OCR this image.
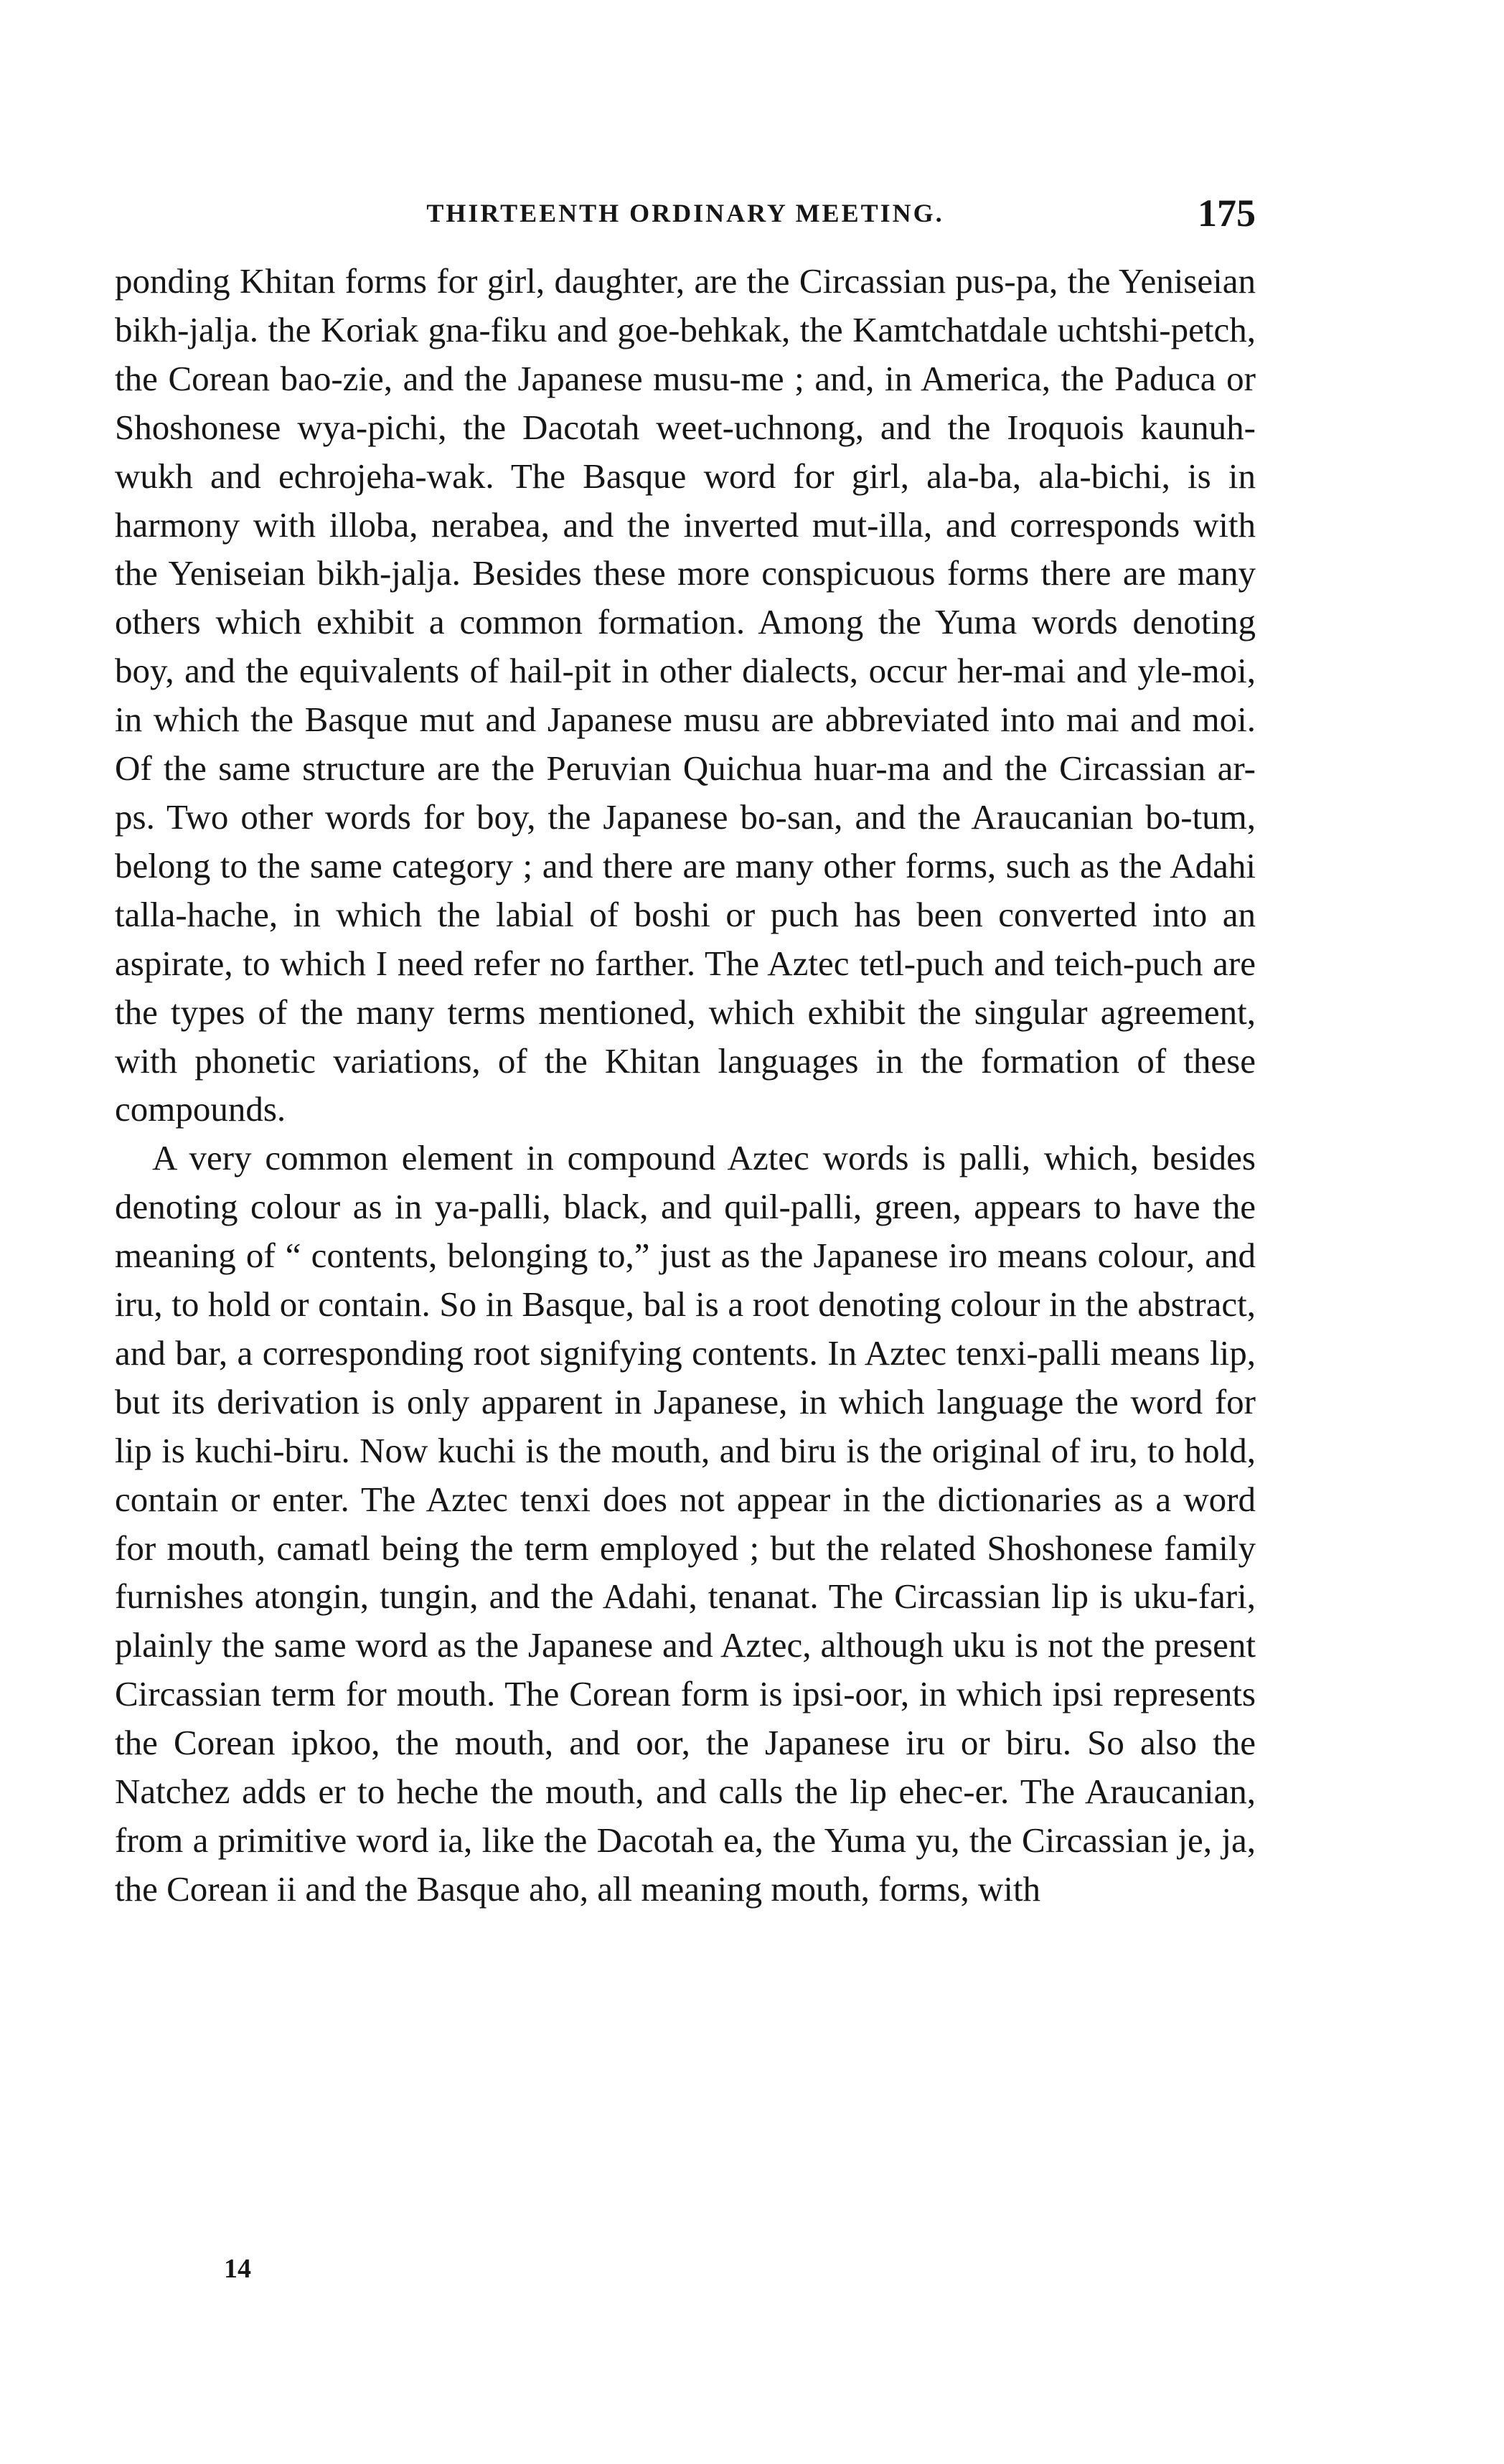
THIRTEENTH ORDINARY MEETING.	175

ponding Khitan forms for girl, daughter, are the Circassian pus-pa, the Yeniseian bikh-jalja. the Koriak gna-fiku and goe-behkak, the Kamtchatdale uchtshi-petch, the Corean bao-zie, and the Japanese musu-me ; and, in America, the Paduca or Shoshonese wya-pichi, the Dacotah weet-uchnong, and the Iroquois kaunuh-wukh and echrojeha-wak. The Basque word for girl, ala-ba, ala-bichi, is in harmony with illoba, nerabea, and the inverted mut-illa, and corresponds with the Yeniseian bikh-jalja. Besides these more conspicuous forms there are many others which exhibit a common formation. Among the Yuma words denoting boy, and the equivalents of hail-pit in other dialects, occur her-mai and yle-moi, in which the Basque mut and Japanese musu are abbreviated into mai and moi. Of the same structure are the Peruvian Quichua huar-ma and the Circassian ar-ps. Two other words for boy, the Japanese bo-san, and the Araucanian bo-tum, belong to the same category ; and there are many other forms, such as the Adahi talla-hache, in which the labial of boshi or puch has been converted into an aspirate, to which I need refer no farther. The Aztec tetl-puch and teich-puch are the types of the many terms mentioned, which exhibit the singular agreement, with phonetic variations, of the Khitan languages in the formation of these compounds.

A very common element in compound Aztec words is palli, which, besides denoting colour as in ya-palli, black, and quil-palli, green, appears to have the meaning of “ contents, belonging to,” just as the Japanese iro means colour, and iru, to hold or contain. So in Basque, bal is a root denoting colour in the abstract, and bar, a corresponding root signifying contents. In Aztec tenxi-palli means lip, but its derivation is only apparent in Japanese, in which language the word for lip is kuchi-biru. Now kuchi is the mouth, and biru is the original of iru, to hold, contain or enter. The Aztec tenxi does not appear in the dictionaries as a word for mouth, camatl being the term employed ; but the related Shoshonese family furnishes atongin, tungin, and the Adahi, tenanat. The Circassian lip is uku-fari, plainly the same word as the Japanese and Aztec, although uku is not the present Circassian term for mouth. The Corean form is ipsi-oor, in which ipsi represents the Corean ipkoo, the mouth, and oor, the Japanese iru or biru. So also the Natchez adds er to heche the mouth, and calls the lip ehec-er. The Araucanian, from a primitive word ia, like the Dacotah ea, the Yuma yu, the Circassian je, ja, the Corean ii and the Basque aho, all meaning mouth, forms, with

14
